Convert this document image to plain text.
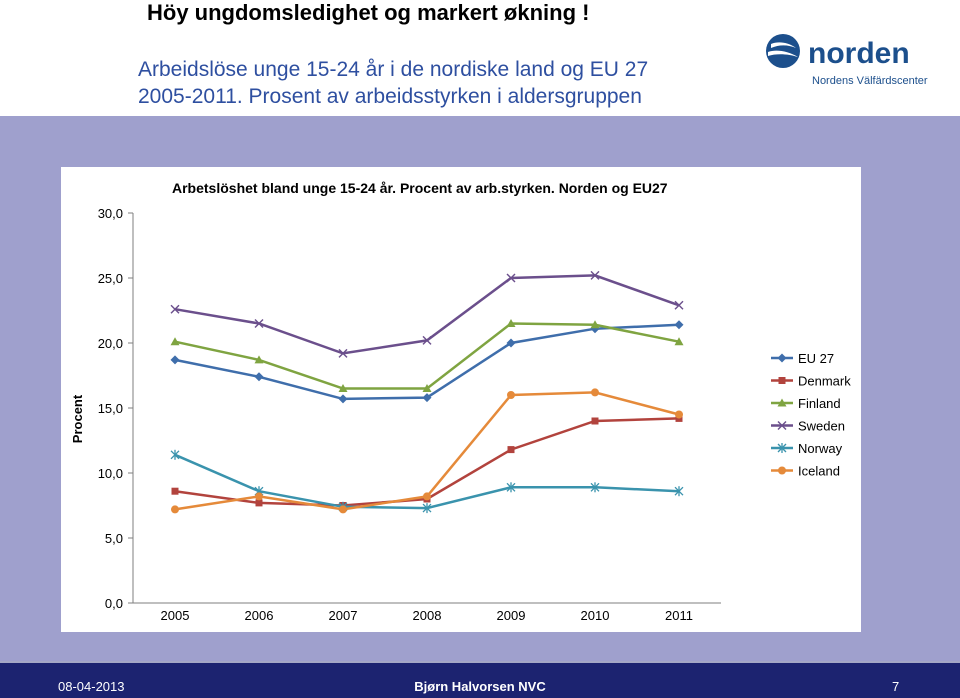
Höy ungdomsledighet og markert økning !
Arbeidslöse unge 15-24 år i de nordiske land og EU 27
2005-2011. Prosent av arbeidsstyrken i aldersgruppen
norden
Nordens Välfärdscenter
Arbetslöshet bland unge 15-24 år. Procent av arb.styrken. Norden og EU27
Procent
0,0
5,0
10,0
15,0
20,0
25,0
30,0
2005	2006	2007	2008	2009	2010	2011
EU 27
Denmark
Finland
Sweden
Norway
Iceland
08-04-2013	Bjørn Halvorsen NVC	7
